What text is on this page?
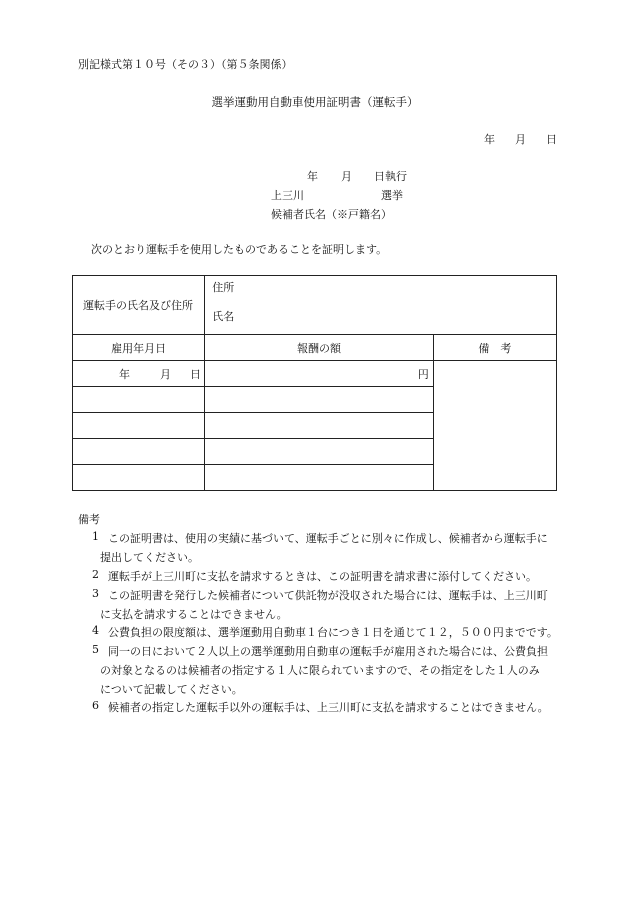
別記様式第１０号（その３）（第５条関係）
選挙運動用自動車使用証明書（運転手）
年 月 日
年 月 日執行
上三川	選挙
候補者氏名（※戸籍名）
次のとおり運転手を使用したものであることを証明します。
運転手の氏名及び住所	住所
氏名	

雇用年月日	報酬の額	備　考

年 月 日	円	

備考
1 この証明書は、使用の実績に基づいて、運転手ごとに別々に作成し、候補者から運転手に
提出してください。
2 運転手が上三川町に支払を請求するときは、この証明書を請求書に添付してください。
3 この証明書を発行した候補者について供託物が没収された場合には、運転手は、上三川町
に支払を請求することはできません。
4 公費負担の限度額は、選挙運動用自動車１台につき１日を通じて１２，５００円までです。
5 同一の日において２人以上の選挙運動用自動車の運転手が雇用された場合には、公費負担
の対象となるのは候補者の指定する１人に限られていますので、その指定をした１人のみ
について記載してください。
6 候補者の指定した運転手以外の運転手は、上三川町に支払を請求することはできません。
